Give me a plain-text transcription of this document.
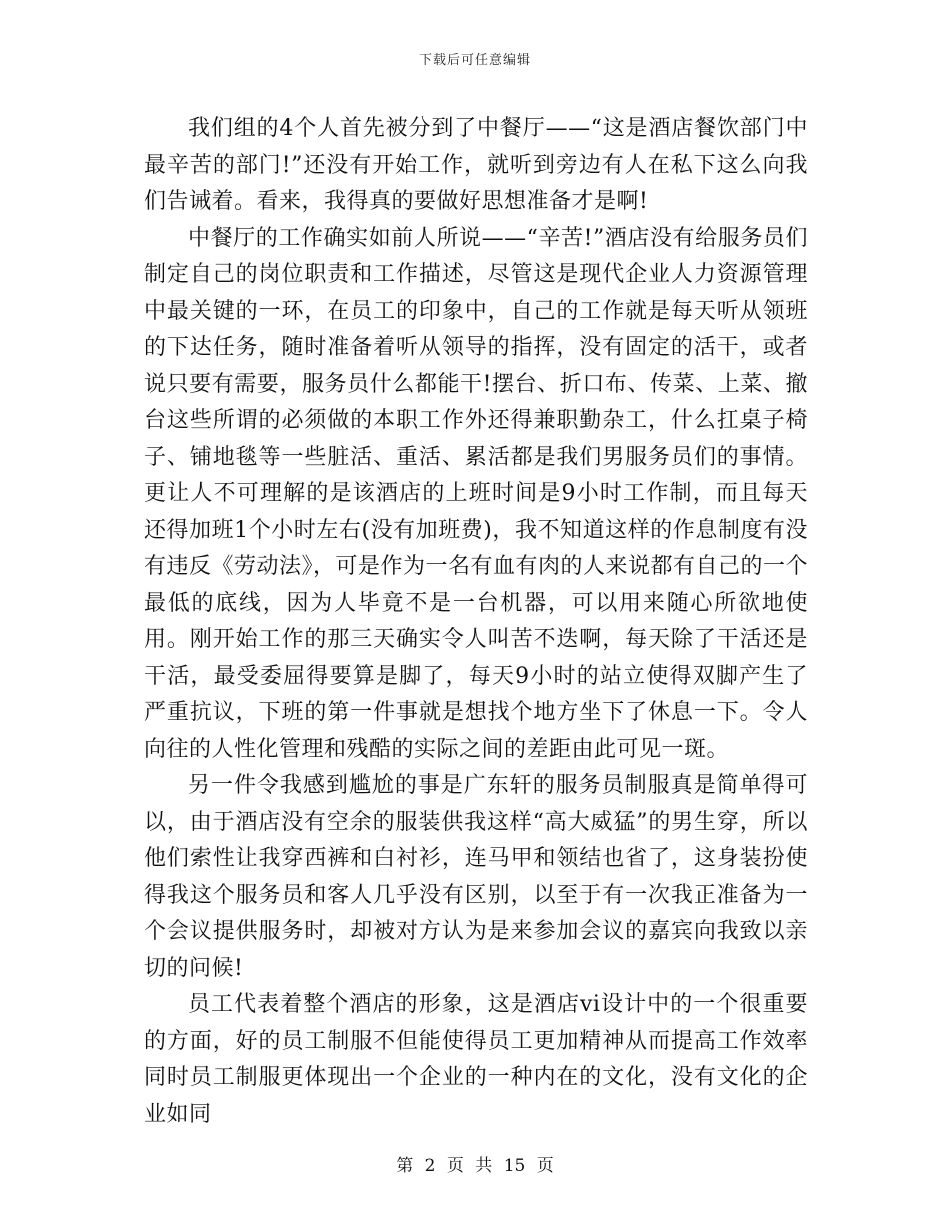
下载后可任意编辑

我们组的4个人首先被分到了中餐厅——“这是酒店餐饮部门中最辛苦的部门!”还没有开始工作，就听到旁边有人在私下这么向我们告诫着。看来，我得真的要做好思想准备才是啊!

中餐厅的工作确实如前人所说——“辛苦!”酒店没有给服务员们制定自己的岗位职责和工作描述，尽管这是现代企业人力资源管理中最关键的一环，在员工的印象中，自己的工作就是每天听从领班的下达任务，随时准备着听从领导的指挥，没有固定的活干，或者说只要有需要，服务员什么都能干!摆台、折口布、传菜、上菜、撤台这些所谓的必须做的本职工作外还得兼职勤杂工，什么扛桌子椅子、铺地毯等一些脏活、重活、累活都是我们男服务员们的事情。更让人不可理解的是该酒店的上班时间是9小时工作制，而且每天还得加班1个小时左右(没有加班费)，我不知道这样的作息制度有没有违反《劳动法》，可是作为一名有血有肉的人来说都有自己的一个最低的底线，因为人毕竟不是一台机器，可以用来随心所欲地使用。刚开始工作的那三天确实令人叫苦不迭啊，每天除了干活还是干活，最受委屈得要算是脚了，每天9小时的站立使得双脚产生了严重抗议，下班的第一件事就是想找个地方坐下了休息一下。令人向往的人性化管理和残酷的实际之间的差距由此可见一斑。

另一件令我感到尴尬的事是广东轩的服务员制服真是简单得可以，由于酒店没有空余的服装供我这样“高大威猛”的男生穿，所以他们索性让我穿西裤和白衬衫，连马甲和领结也省了，这身装扮使得我这个服务员和客人几乎没有区别，以至于有一次我正准备为一个会议提供服务时，却被对方认为是来参加会议的嘉宾向我致以亲切的问候!

员工代表着整个酒店的形象，这是酒店vi设计中的一个很重要的方面，好的员工制服不但能使得员工更加精神从而提高工作效率同时员工制服更体现出一个企业的一种内在的文化，没有文化的企业如同

第 2 页 共 15 页
